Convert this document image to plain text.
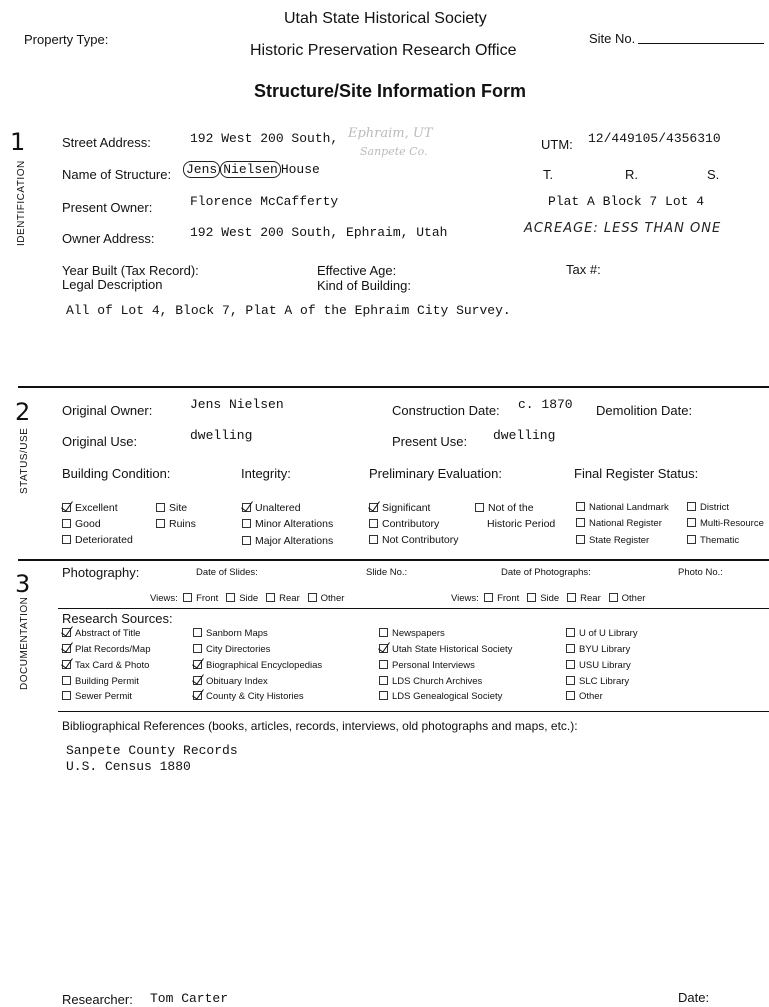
Utah State Historical Society
Historic Preservation Research Office
Structure/Site Information Form
Property Type:	Site No.
1
IDENTIFICATION
Street Address:	192 West 200 South, Ephraim, UT
Sanpete Co.	UTM: 12/449105/4356310
Name of Structure: Jens Nielsen House	T.	R.	S.
Present Owner:	Florence McCafferty	Plat A Block 7 Lot 4
Owner Address:	192 West 200 South, Ephraim, Utah	ACREAGE: LESS THAN ONE
Year Built (Tax Record):	Effective Age:	Tax #:
Legal Description	Kind of Building:
All of Lot 4, Block 7, Plat A of the Ephraim City Survey.
2
STATUS/USE
Original Owner:	Jens Nielsen	Construction Date: c. 1870 Demolition Date:
Original Use:	dwelling	Present Use: dwelling
Building Condition:	Integrity:	Preliminary Evaluation:	Final Register Status:
Excellent
Good
Deteriorated
Site
Ruins
Unaltered
Minor Alterations
Major Alterations
Significant
Contributory
Not Contributory
Not of the
Historic Period
National Landmark
National Register
State Register
District
Multi-Resource
Thematic
3
DOCUMENTATION
Photography:	Date of Slides:	Slide No.:	Date of Photographs:	Photo No.:
Views: Front Side Rear Other	Views: Front Side Rear Other
Research Sources:
Abstract of Title
Plat Records/Map
Tax Card & Photo
Building Permit
Sewer Permit
Sanborn Maps
City Directories
Biographical Encyclopedias
Obituary Index
County & City Histories
Newspapers
Utah State Historical Society
Personal Interviews
LDS Church Archives
LDS Genealogical Society
U of U Library
BYU Library
USU Library
SLC Library
Other
Bibliographical References (books, articles, records, interviews, old photographs and maps, etc.):
Sanpete County Records
U.S. Census 1880
Researcher: Tom Carter	Date:
